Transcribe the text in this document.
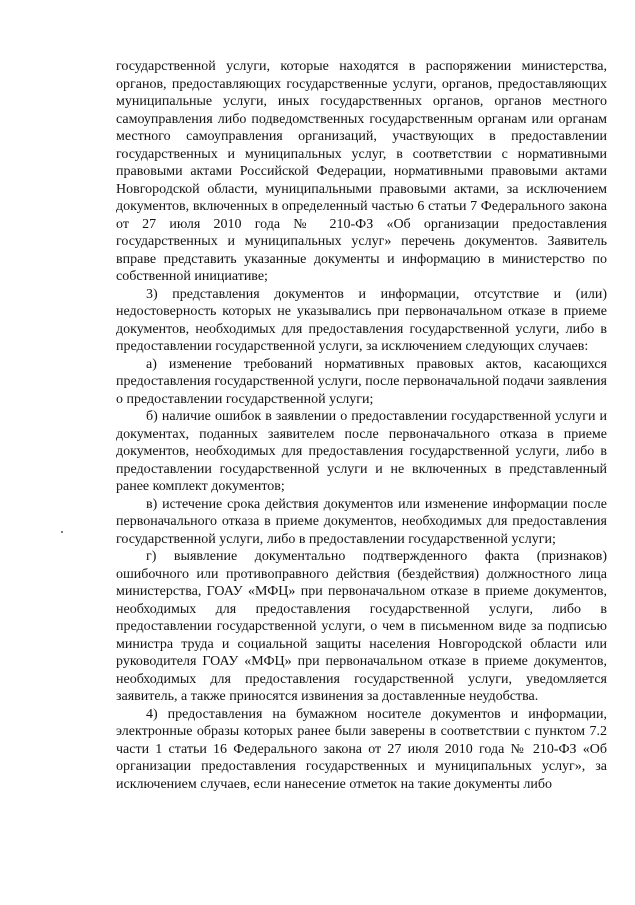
государственной услуги, которые находятся в распоряжении министерства, органов, предоставляющих государственные услуги, органов, предоставляющих муниципальные услуги, иных государственных органов, органов местного самоуправления либо подведомственных государственным органам или органам местного самоуправления организаций, участвующих в предоставлении государственных и муниципальных услуг, в соответствии с нормативными правовыми актами Российской Федерации, нормативными правовыми актами Новгородской области, муниципальными правовыми актами, за исключением документов, включенных в определенный частью 6 статьи 7 Федерального закона от 27 июля 2010 года № 210-ФЗ «Об организации предоставления государственных и муниципальных услуг» перечень документов. Заявитель вправе представить указанные документы и информацию в министерство по собственной инициативе;

3) представления документов и информации, отсутствие и (или) недостоверность которых не указывались при первоначальном отказе в приеме документов, необходимых для предоставления государственной услуги, либо в предоставлении государственной услуги, за исключением следующих случаев:

а) изменение требований нормативных правовых актов, касающихся предоставления государственной услуги, после первоначальной подачи заявления о предоставлении государственной услуги;

б) наличие ошибок в заявлении о предоставлении государственной услуги и документах, поданных заявителем после первоначального отказа в приеме документов, необходимых для предоставления государственной услуги, либо в предоставлении государственной услуги и не включенных в представленный ранее комплект документов;

в) истечение срока действия документов или изменение информации после первоначального отказа в приеме документов, необходимых для предоставления государственной услуги, либо в предоставлении государственной услуги;

г) выявление документально подтвержденного факта (признаков) ошибочного или противоправного действия (бездействия) должностного лица министерства, ГОАУ «МФЦ» при первоначальном отказе в приеме документов, необходимых для предоставления государственной услуги, либо в предоставлении государственной услуги, о чем в письменном виде за подписью министра труда и социальной защиты населения Новгородской области или руководителя ГОАУ «МФЦ» при первоначальном отказе в приеме документов, необходимых для предоставления государственной услуги, уведомляется заявитель, а также приносятся извинения за доставленные неудобства.

4) предоставления на бумажном носителе документов и информации, электронные образы которых ранее были заверены в соответствии с пунктом 7.2 части 1 статьи 16 Федерального закона от 27 июля 2010 года № 210-ФЗ «Об организации предоставления государственных и муниципальных услуг», за исключением случаев, если нанесение отметок на такие документы либо
